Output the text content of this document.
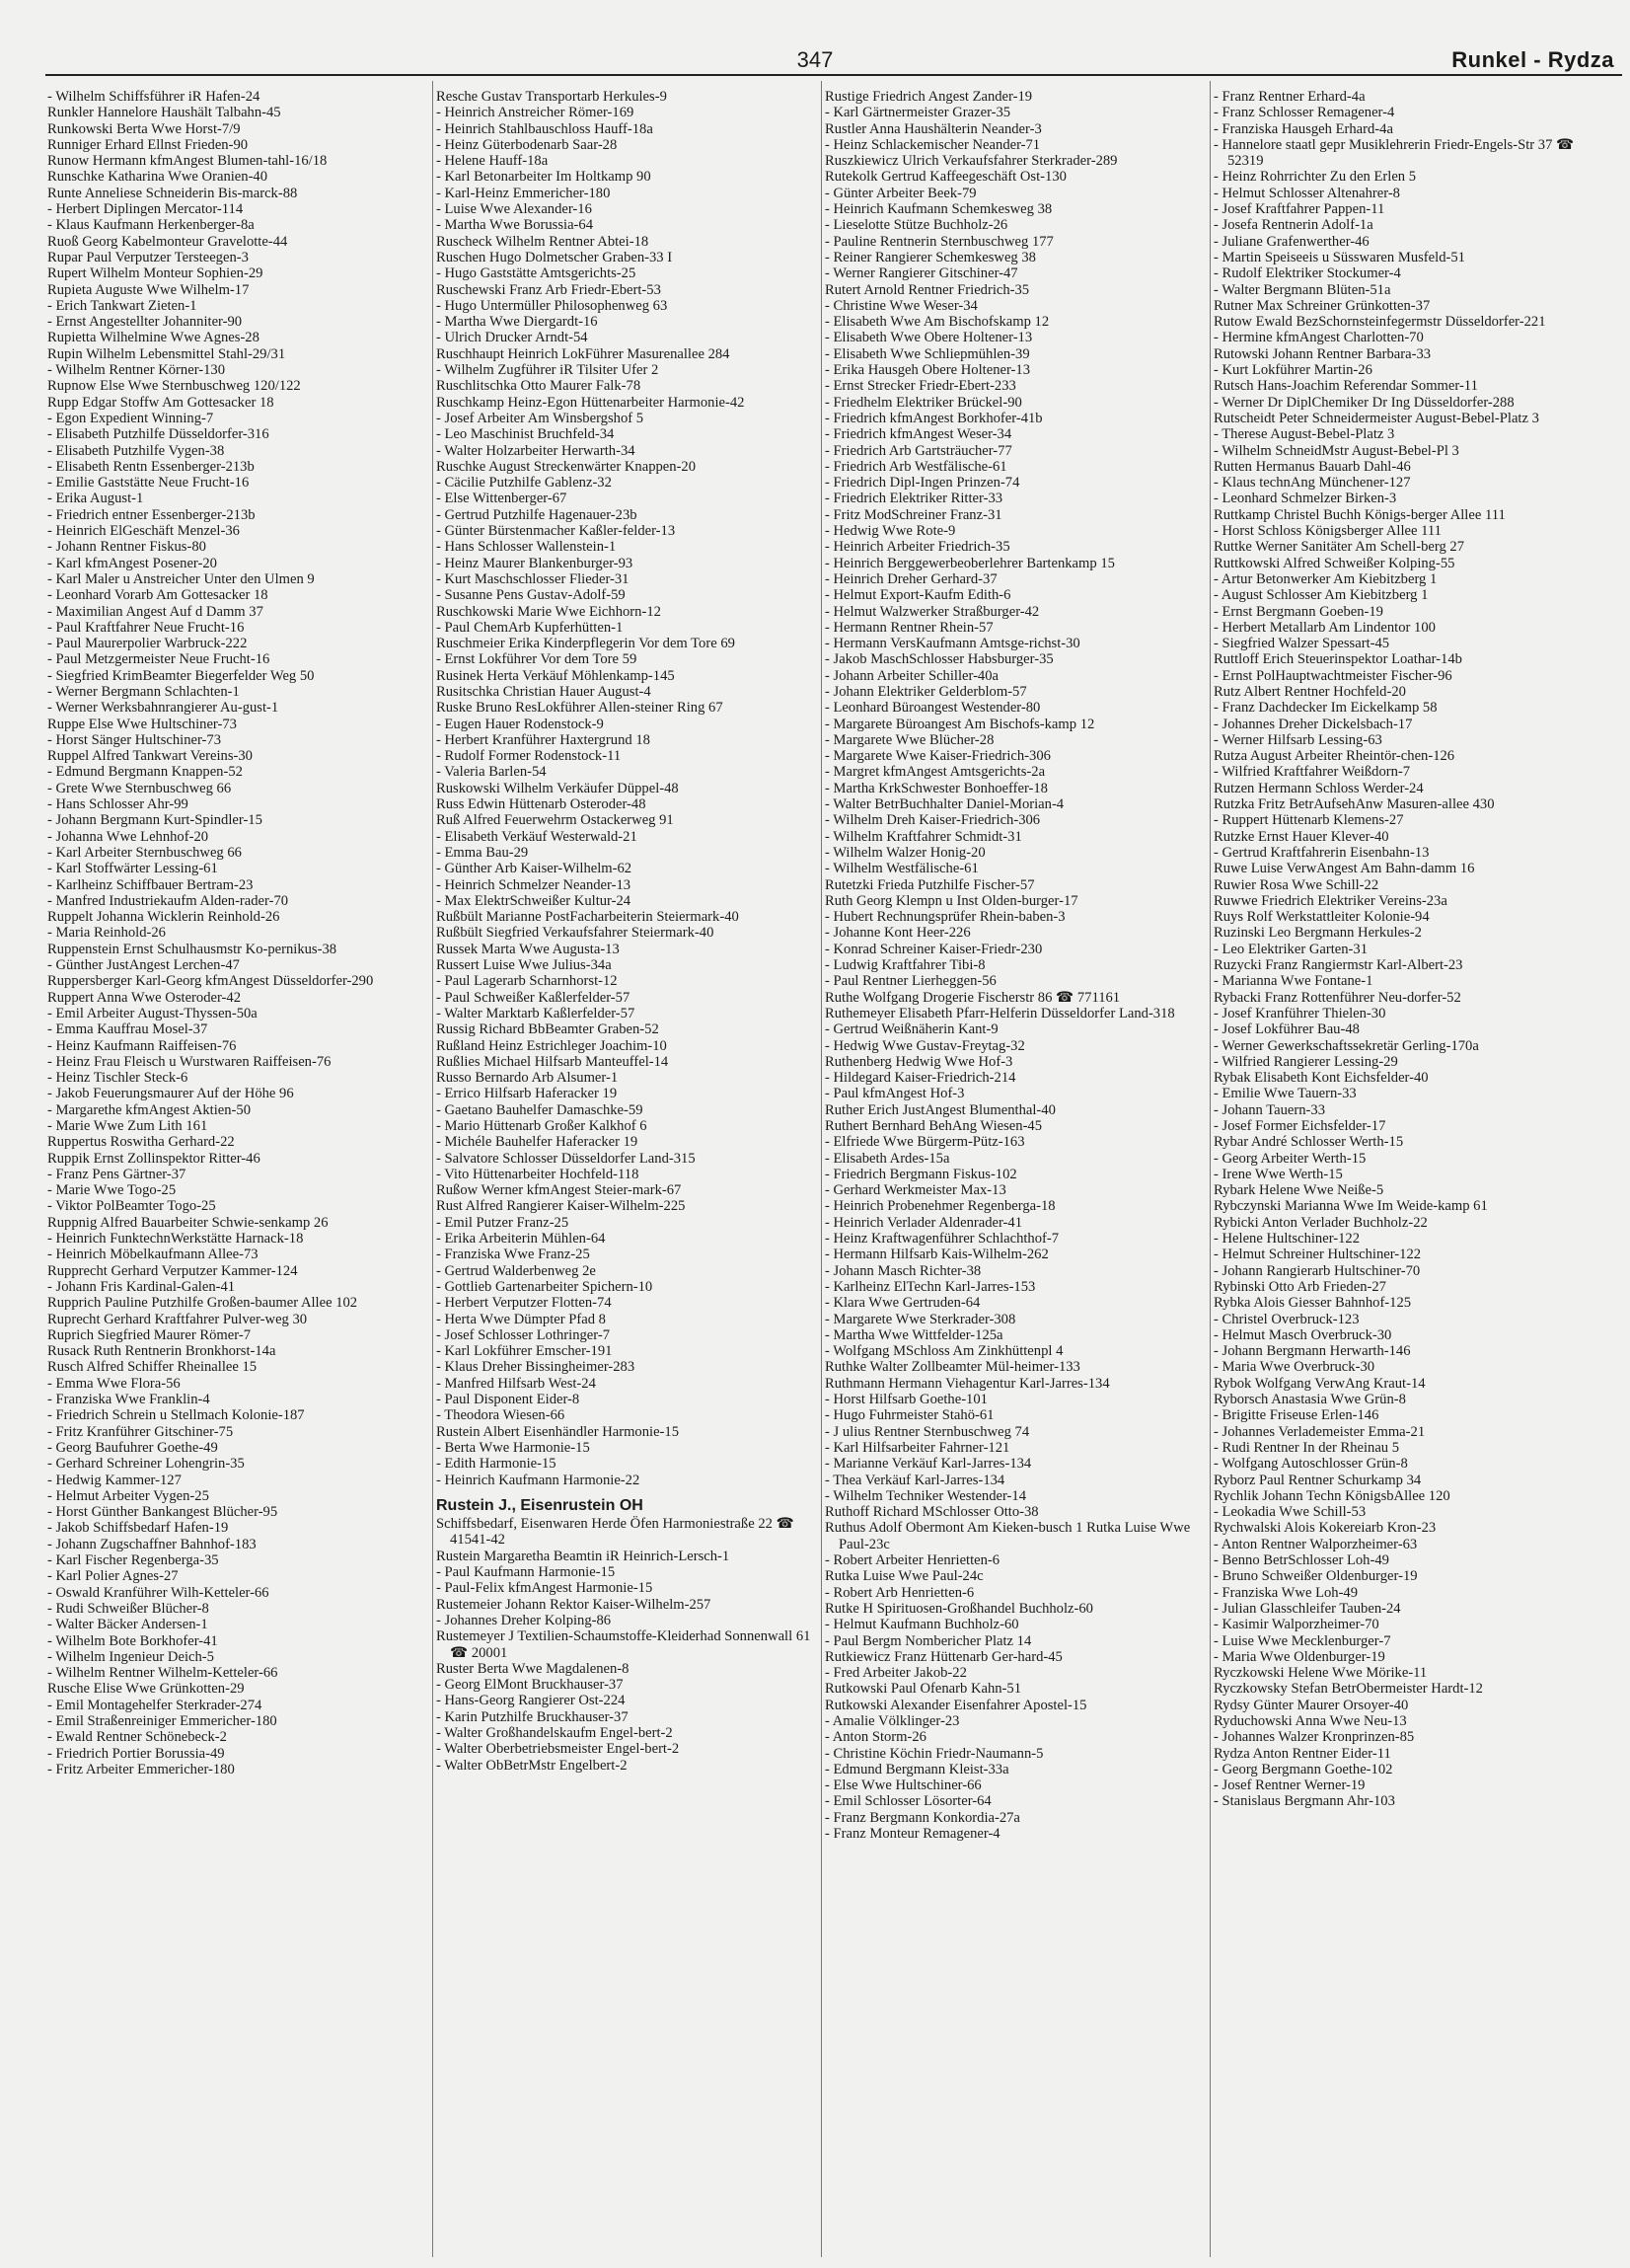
347	Runkel - Rydza

- Wilhelm Schiffsführer iR Hafen-24

Runkler Hannelore Haushält Talbahn-45

Runkowski Berta Wwe Horst-7/9

Runniger Erhard Ellnst Frieden-90

Runow Hermann kfmAngest Blumen-tahl-16/18

Runschke Katharina Wwe Oranien-40

Runte Anneliese Schneiderin Bis-marck-88

- Herbert Diplingen Mercator-114

- Klaus Kaufmann Herkenberger-8a

Ruoß Georg Kabelmonteur Gravelotte-44

Rupar Paul Verputzer Tersteegen-3

Rupert Wilhelm Monteur Sophien-29

Rupieta Auguste Wwe Wilhelm-17

- Erich Tankwart Zieten-1

- Ernst Angestellter Johanniter-90

Rupietta Wilhelmine Wwe Agnes-28

Rupin Wilhelm Lebensmittel Stahl-29/31

- Wilhelm Rentner Körner-130

Rupnow Else Wwe Sternbuschweg 120/122

Rupp Edgar Stoffw Am Gottesacker 18

- Egon Expedient Winning-7

- Elisabeth Putzhilfe Düsseldorfer-316

- Elisabeth Putzhilfe Vygen-38

- Elisabeth Rentn Essenberger-213b

- Emilie Gaststätte Neue Frucht-16

- Erika August-1

- Friedrich entner Essenberger-213b

- Heinrich ElGeschäft Menzel-36

- Johann Rentner Fiskus-80

- Karl kfmAngest Posener-20

- Karl Maler u Anstreicher Unter den Ulmen 9

- Leonhard Vorarb Am Gottesacker 18

- Maximilian Angest Auf d Damm 37

- Paul Kraftfahrer Neue Frucht-16

- Paul Maurerpolier Warbruck-222

- Paul Metzgermeister Neue Frucht-16

- Siegfried KrimBeamter Biegerfelder Weg 50

- Werner Bergmann Schlachten-1

- Werner Werksbahnrangierer Au-gust-1

Ruppe Else Wwe Hultschiner-73

- Horst Sänger Hultschiner-73

Ruppel Alfred Tankwart Vereins-30

- Edmund Bergmann Knappen-52

- Grete Wwe Sternbuschweg 66

- Hans Schlosser Ahr-99

- Johann Bergmann Kurt-Spindler-15

- Johanna Wwe Lehnhof-20

- Karl Arbeiter Sternbuschweg 66

- Karl Stoffwärter Lessing-61

- Karlheinz Schiffbauer Bertram-23

- Manfred Industriekaufm Alden-rader-70

Ruppelt Johanna Wicklerin Reinhold-26

- Maria Reinhold-26

Ruppenstein Ernst Schulhausmstr Ko-pernikus-38

- Günther JustAngest Lerchen-47

Ruppersberger Karl-Georg kfmAngest Düsseldorfer-290

Ruppert Anna Wwe Osteroder-42

- Emil Arbeiter August-Thyssen-50a

- Emma Kauffrau Mosel-37

- Heinz Kaufmann Raiffeisen-76

- Heinz Frau Fleisch u Wurstwaren Raiffeisen-76

- Heinz Tischler Steck-6

- Jakob Feuerungsmaurer Auf der Höhe 96

- Margarethe kfmAngest Aktien-50

- Marie Wwe Zum Lith 161

Ruppertus Roswitha Gerhard-22

Ruppik Ernst Zollinspektor Ritter-46

- Franz Pens Gärtner-37

- Marie Wwe Togo-25

- Viktor PolBeamter Togo-25

Ruppnig Alfred Bauarbeiter Schwie-senkamp 26

- Heinrich FunktechnWerkstätte Harnack-18

- Heinrich Möbelkaufmann Allee-73

Rupprecht Gerhard Verputzer Kammer-124

- Johann Fris Kardinal-Galen-41

Rupprich Pauline Putzhilfe Großen-baumer Allee 102

Ruprecht Gerhard Kraftfahrer Pulver-weg 30

Ruprich Siegfried Maurer Römer-7

Rusack Ruth Rentnerin Bronkhorst-14a

Rusch Alfred Schiffer Rheinallee 15

- Emma Wwe Flora-56

- Franziska Wwe Franklin-4

- Friedrich Schrein u Stellmach Kolonie-187

- Fritz Kranführer Gitschiner-75

- Georg Baufuhrer Goethe-49

- Gerhard Schreiner Lohengrin-35

- Hedwig Kammer-127

- Helmut Arbeiter Vygen-25

- Horst Günther Bankangest Blücher-95

- Jakob Schiffsbedarf Hafen-19

- Johann Zugschaffner Bahnhof-183

- Karl Fischer Regenberga-35

- Karl Polier Agnes-27

- Oswald Kranführer Wilh-Ketteler-66

- Rudi Schweißer Blücher-8

- Walter Bäcker Andersen-1

- Wilhelm Bote Borkhofer-41

- Wilhelm Ingenieur Deich-5

- Wilhelm Rentner Wilhelm-Ketteler-66

Rusche Elise Wwe Grünkotten-29

- Emil Montagehelfer Sterkrader-274

- Emil Straßenreiniger Emmericher-180

- Ewald Rentner Schönebeck-2

- Friedrich Portier Borussia-49

- Fritz Arbeiter Emmericher-180

Resche Gustav Transportarb Herkules-9

- Heinrich Anstreicher Römer-169

- Heinrich Stahlbauschloss Hauff-18a

- Heinz Güterbodenarb Saar-28

- Helene Hauff-18a

- Karl Betonarbeiter Im Holtkamp 90

- Karl-Heinz Emmericher-180

- Luise Wwe Alexander-16

- Martha Wwe Borussia-64

Ruscheck Wilhelm Rentner Abtei-18

Ruschen Hugo Dolmetscher Graben-33 I

- Hugo Gaststätte Amtsgerichts-25

Ruschewski Franz Arb Friedr-Ebert-53

- Hugo Untermüller Philosophenweg 63

- Martha Wwe Diergardt-16

- Ulrich Drucker Arndt-54

Ruschhaupt Heinrich LokFührer Masurenallee 284

- Wilhelm Zugführer iR Tilsiter Ufer 2

Ruschlitschka Otto Maurer Falk-78

Ruschkamp Heinz-Egon Hüttenarbeiter Harmonie-42

- Josef Arbeiter Am Winsbergshof 5

- Leo Maschinist Bruchfeld-34

- Walter Holzarbeiter Herwarth-34

Ruschke August Streckenwärter Knappen-20

- Cäcilie Putzhilfe Gablenz-32

- Else Wittenberger-67

- Gertrud Putzhilfe Hagenauer-23b

- Günter Bürstenmacher Kaßler-felder-13

- Hans Schlosser Wallenstein-1

- Heinz Maurer Blankenburger-93

- Kurt Maschschlosser Flieder-31

- Susanne Pens Gustav-Adolf-59

Ruschkowski Marie Wwe Eichhorn-12

- Paul ChemArb Kupferhütten-1

Ruschmeier Erika Kinderpflegerin Vor dem Tore 69

- Ernst Lokführer Vor dem Tore 59

Rusinek Herta Verkäuf Möhlenkamp-145

Rusitschka Christian Hauer August-4

Ruske Bruno ResLokführer Allen-steiner Ring 67

- Eugen Hauer Rodenstock-9

- Herbert Kranführer Haxtergrund 18

- Rudolf Former Rodenstock-11

- Valeria Barlen-54

Ruskowski Wilhelm Verkäufer Düppel-48

Russ Edwin Hüttenarb Osteroder-48

Ruß Alfred Feuerwehrm Ostackerweg 91

- Elisabeth Verkäuf Westerwald-21

- Emma Bau-29

- Günther Arb Kaiser-Wilhelm-62

- Heinrich Schmelzer Neander-13

- Max ElektrSchweißer Kultur-24

Rußbült Marianne PostFacharbeiterin Steiermark-40

Rußbült Siegfried Verkaufsfahrer Steiermark-40

Russek Marta Wwe Augusta-13

Russert Luise Wwe Julius-34a

- Paul Lagerarb Scharnhorst-12

- Paul Schweißer Kaßlerfelder-57

- Walter Marktarb Kaßlerfelder-57

Russig Richard BbBeamter Graben-52

Rußland Heinz Estrichleger Joachim-10

Rußlies Michael Hilfsarb Manteuffel-14

Russo Bernardo Arb Alsumer-1

- Errico Hilfsarb Haferacker 19

- Gaetano Bauhelfer Damaschke-59

- Mario Hüttenarb Großer Kalkhof 6

- Michéle Bauhelfer Haferacker 19

- Salvatore Schlosser Düsseldorfer Land-315

- Vito Hüttenarbeiter Hochfeld-118

Rußow Werner kfmAngest Steier-mark-67

Rust Alfred Rangierer Kaiser-Wilhelm-225

- Emil Putzer Franz-25

- Erika Arbeiterin Mühlen-64

- Franziska Wwe Franz-25

- Gertrud Walderbenweg 2e

- Gottlieb Gartenarbeiter Spichern-10

- Herbert Verputzer Flotten-74

- Herta Wwe Dümpter Pfad 8

- Josef Schlosser Lothringer-7

- Karl Lokführer Emscher-191

- Klaus Dreher Bissingheimer-283

- Manfred Hilfsarb West-24

- Paul Disponent Eider-8

- Theodora Wiesen-66

Rustein Albert Eisenhändler Harmonie-15

- Berta Wwe Harmonie-15

- Edith Harmonie-15

- Heinrich Kaufmann Harmonie-22

Rustein J., Eisenrustein OH

Schiffsbedarf, Eisenwaren Herde Öfen Harmoniestraße 22 ☎ 41541-42

Rustein Margaretha Beamtin iR Heinrich-Lersch-1

- Paul Kaufmann Harmonie-15

- Paul-Felix kfmAngest Harmonie-15

Rustemeier Johann Rektor Kaiser-Wilhelm-257

- Johannes Dreher Kolping-86

Rustemeyer J Textilien-Schaumstoffe-Kleiderhad Sonnenwall 61 ☎ 20001

Ruster Berta Wwe Magdalenen-8

- Georg ElMont Bruckhauser-37

- Hans-Georg Rangierer Ost-224

- Karin Putzhilfe Bruckhauser-37

- Walter Großhandelskaufm Engel-bert-2

- Walter Oberbetriebsmeister Engel-bert-2

- Walter ObBetrMstr Engelbert-2

Rustige Friedrich Angest Zander-19

- Karl Gärtnermeister Grazer-35

Rustler Anna Haushälterin Neander-3

- Heinz Schlackemischer Neander-71

Ruszkiewicz Ulrich Verkaufsfahrer Sterkrader-289

Rutekolk Gertrud Kaffeegeschäft Ost-130

- Günter Arbeiter Beek-79

- Heinrich Kaufmann Schemkesweg 38

- Lieselotte Stütze Buchholz-26

- Pauline Rentnerin Sternbuschweg 177

- Reiner Rangierer Schemkesweg 38

- Werner Rangierer Gitschiner-47

Rutert Arnold Rentner Friedrich-35

- Christine Wwe Weser-34

- Elisabeth Wwe Am Bischofskamp 12

- Elisabeth Wwe Obere Holtener-13

- Elisabeth Wwe Schliepmühlen-39

- Erika Hausgeh Obere Holtener-13

- Ernst Strecker Friedr-Ebert-233

- Friedhelm Elektriker Brückel-90

- Friedrich kfmAngest Borkhofer-41b

- Friedrich kfmAngest Weser-34

- Friedrich Arb Gartsträucher-77

- Friedrich Arb Westfälische-61

- Friedrich Dipl-Ingen Prinzen-74

- Friedrich Elektriker Ritter-33

- Fritz ModSchreiner Franz-31

- Hedwig Wwe Rote-9

- Heinrich Arbeiter Friedrich-35

- Heinrich Berggewerbeoberlehrer Bartenkamp 15

- Heinrich Dreher Gerhard-37

- Helmut Export-Kaufm Edith-6

- Helmut Walzwerker Straßburger-42

- Hermann Rentner Rhein-57

- Hermann VersKaufmann Amtsge-richst-30

- Jakob MaschSchlosser Habsburger-35

- Johann Arbeiter Schiller-40a

- Johann Elektriker Gelderblom-57

- Leonhard Büroangest Westender-80

- Margarete Büroangest Am Bischofs-kamp 12

- Margarete Wwe Blücher-28

- Margarete Wwe Kaiser-Friedrich-306

- Margret kfmAngest Amtsgerichts-2a

- Martha KrkSchwester Bonhoeffer-18

- Walter BetrBuchhalter Daniel-Morian-4

- Wilhelm Dreh Kaiser-Friedrich-306

- Wilhelm Kraftfahrer Schmidt-31

- Wilhelm Walzer Honig-20

- Wilhelm Westfälische-61

Rutetzki Frieda Putzhilfe Fischer-57

Ruth Georg Klempn u Inst Olden-burger-17

- Hubert Rechnungsprüfer Rhein-baben-3

- Johanne Kont Heer-226

- Konrad Schreiner Kaiser-Friedr-230

- Ludwig Kraftfahrer Tibi-8

- Paul Rentner Lierheggen-56

Ruthe Wolfgang Drogerie Fischerstr 86 ☎ 771161

Ruthemeyer Elisabeth Pfarr-Helferin Düsseldorfer Land-318

- Gertrud Weißnäherin Kant-9

- Hedwig Wwe Gustav-Freytag-32

Ruthenberg Hedwig Wwe Hof-3

- Hildegard Kaiser-Friedrich-214

- Paul kfmAngest Hof-3

Ruther Erich JustAngest Blumenthal-40

Ruthert Bernhard BehAng Wiesen-45

- Elfriede Wwe Bürgerm-Pütz-163

- Elisabeth Ardes-15a

- Friedrich Bergmann Fiskus-102

- Gerhard Werkmeister Max-13

- Heinrich Probenehmer Regenberga-18

- Heinrich Verlader Aldenrader-41

- Heinz Kraftwagenführer Schlachthof-7

- Hermann Hilfsarb Kais-Wilhelm-262

- Johann Masch Richter-38

- Karlheinz ElTechn Karl-Jarres-153

- Klara Wwe Gertruden-64

- Margarete Wwe Sterkrader-308

- Martha Wwe Wittfelder-125a

- Wolfgang MSchloss Am Zinkhüttenpl 4

Ruthke Walter Zollbeamter Mül-heimer-133

Ruthmann Hermann Viehagentur Karl-Jarres-134

- Horst Hilfsarb Goethe-101

- Hugo Fuhrmeister Stahö-61

- J ulius Rentner Sternbuschweg 74

- Karl Hilfsarbeiter Fahrner-121

- Marianne Verkäuf Karl-Jarres-134

- Thea Verkäuf Karl-Jarres-134

- Wilhelm Techniker Westender-14

Ruthoff Richard MSchlosser Otto-38

Ruthus Adolf Obermont Am Kieken-busch 1 Rutka Luise Wwe Paul-23c

- Robert Arbeiter Henrietten-6

Rutka Luise Wwe Paul-24c

- Robert Arb Henrietten-6

Rutke H Spirituosen-Großhandel Buchholz-60

- Helmut Kaufmann Buchholz-60

- Paul Bergm Nombericher Platz 14

Rutkiewicz Franz Hüttenarb Ger-hard-45

- Fred Arbeiter Jakob-22

Rutkowski Paul Ofenarb Kahn-51

Rutkowski Alexander Eisenfahrer Apostel-15

- Amalie Völklinger-23

- Anton Storm-26

- Christine Köchin Friedr-Naumann-5

- Edmund Bergmann Kleist-33a

- Else Wwe Hultschiner-66

- Emil Schlosser Lösorter-64

- Franz Bergmann Konkordia-27a

- Franz Monteur Remagener-4

- Franz Rentner Erhard-4a

- Franz Schlosser Remagener-4

- Franziska Hausgeh Erhard-4a

- Hannelore staatl gepr Musiklehrerin Friedr-Engels-Str 37 ☎ 52319

- Heinz Rohrrichter Zu den Erlen 5

- Helmut Schlosser Altenahrer-8

- Josef Kraftfahrer Pappen-11

- Josefa Rentnerin Adolf-1a

- Juliane Grafenwerther-46

- Martin Speiseeis u Süsswaren Musfeld-51

- Rudolf Elektriker Stockumer-4

- Walter Bergmann Blüten-51a

Rutner Max Schreiner Grünkotten-37

Rutow Ewald BezSchornsteinfegermstr Düsseldorfer-221

- Hermine kfmAngest Charlotten-70

Rutowski Johann Rentner Barbara-33

- Kurt Lokführer Martin-26

Rutsch Hans-Joachim Referendar Sommer-11

- Werner Dr DiplChemiker Dr Ing Düsseldorfer-288

Rutscheidt Peter Schneidermeister August-Bebel-Platz 3

- Therese August-Bebel-Platz 3

- Wilhelm SchneidMstr August-Bebel-Pl 3

Rutten Hermanus Bauarb Dahl-46

- Klaus technAng Münchener-127

- Leonhard Schmelzer Birken-3

Ruttkamp Christel Buchh Königs-berger Allee 111

- Horst Schloss Königsberger Allee 111

Ruttke Werner Sanitäter Am Schell-berg 27

Ruttkowski Alfred Schweißer Kolping-55

- Artur Betonwerker Am Kiebitzberg 1

- August Schlosser Am Kiebitzberg 1

- Ernst Bergmann Goeben-19

- Herbert Metallarb Am Lindentor 100

- Siegfried Walzer Spessart-45

Ruttloff Erich Steuerinspektor Loathar-14b

- Ernst PolHauptwachtmeister Fischer-96

Rutz Albert Rentner Hochfeld-20

- Franz Dachdecker Im Eickelkamp 58

- Johannes Dreher Dickelsbach-17

- Werner Hilfsarb Lessing-63

Rutza August Arbeiter Rheintör-chen-126

- Wilfried Kraftfahrer Weißdorn-7

Rutzen Hermann Schloss Werder-24

Rutzka Fritz BetrAufsehAnw Masuren-allee 430

- Ruppert Hüttenarb Klemens-27

Rutzke Ernst Hauer Klever-40

- Gertrud Kraftfahrerin Eisenbahn-13

Ruwe Luise VerwAngest Am Bahn-damm 16

Ruwier Rosa Wwe Schill-22

Ruwwe Friedrich Elektriker Vereins-23a

Ruys Rolf Werkstattleiter Kolonie-94

Ruzinski Leo Bergmann Herkules-2

- Leo Elektriker Garten-31

Ruzycki Franz Rangiermstr Karl-Albert-23

- Marianna Wwe Fontane-1

Rybacki Franz Rottenführer Neu-dorfer-52

- Josef Kranführer Thielen-30

- Josef Lokführer Bau-48

- Werner Gewerkschaftssekretär Gerling-170a

- Wilfried Rangierer Lessing-29

Rybak Elisabeth Kont Eichsfelder-40

- Emilie Wwe Tauern-33

- Johann Tauern-33

- Josef Former Eichsfelder-17

Rybar André Schlosser Werth-15

- Georg Arbeiter Werth-15

- Irene Wwe Werth-15

Rybark Helene Wwe Neiße-5

Rybczynski Marianna Wwe Im Weide-kamp 61

Rybicki Anton Verlader Buchholz-22

- Helene Hultschiner-122

- Helmut Schreiner Hultschiner-122

- Johann Rangierarb Hultschiner-70

Rybinski Otto Arb Frieden-27

Rybka Alois Giesser Bahnhof-125

- Christel Overbruck-123

- Helmut Masch Overbruck-30

- Johann Bergmann Herwarth-146

- Maria Wwe Overbruck-30

Rybok Wolfgang VerwAng Kraut-14

Ryborsch Anastasia Wwe Grün-8

- Brigitte Friseuse Erlen-146

- Johannes Verlademeister Emma-21

- Rudi Rentner In der Rheinau 5

- Wolfgang Autoschlosser Grün-8

Ryborz Paul Rentner Schurkamp 34

Rychlik Johann Techn KönigsbAllee 120

- Leokadia Wwe Schill-53

Rychwalski Alois Kokereiarb Kron-23

- Anton Rentner Walporzheimer-63

- Benno BetrSchlosser Loh-49

- Bruno Schweißer Oldenburger-19

- Franziska Wwe Loh-49

- Julian Glasschleifer Tauben-24

- Kasimir Walporzheimer-70

- Luise Wwe Mecklenburger-7

- Maria Wwe Oldenburger-19

Ryczkowski Helene Wwe Mörike-11

Ryczkowsky Stefan BetrObermeister Hardt-12

Rydsy Günter Maurer Orsoyer-40

Ryduchowski Anna Wwe Neu-13

- Johannes Walzer Kronprinzen-85

Rydza Anton Rentner Eider-11

- Georg Bergmann Goethe-102

- Josef Rentner Werner-19

- Stanislaus Bergmann Ahr-103
